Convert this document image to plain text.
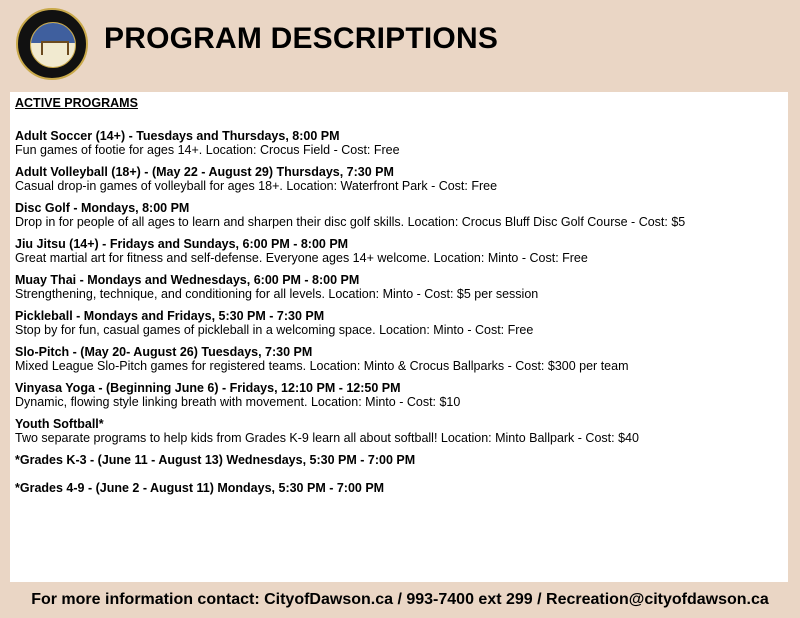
PROGRAM DESCRIPTIONS
ACTIVE PROGRAMS
Adult Soccer (14+) - Tuesdays and Thursdays, 8:00 PM
Fun games of footie for ages 14+. Location: Crocus Field - Cost: Free
Adult Volleyball (18+) - (May 22 - August 29) Thursdays, 7:30 PM
Casual drop-in games of volleyball for ages 18+. Location: Waterfront Park - Cost: Free
Disc Golf - Mondays, 8:00 PM
Drop in for people of all ages to learn and sharpen their disc golf skills. Location: Crocus Bluff Disc Golf Course - Cost: $5
Jiu Jitsu (14+) - Fridays and Sundays, 6:00 PM - 8:00 PM
Great martial art for fitness and self-defense. Everyone ages 14+ welcome. Location: Minto - Cost: Free
Muay Thai - Mondays and Wednesdays, 6:00 PM - 8:00 PM
Strengthening, technique, and conditioning for all levels. Location: Minto - Cost: $5 per session
Pickleball - Mondays and Fridays, 5:30 PM - 7:30 PM
Stop by for fun, casual games of pickleball in a welcoming space. Location: Minto - Cost: Free
Slo-Pitch - (May 20- August 26) Tuesdays, 7:30 PM
Mixed League Slo-Pitch games for registered teams. Location: Minto & Crocus Ballparks - Cost: $300 per team
Vinyasa Yoga - (Beginning June 6) - Fridays, 12:10 PM - 12:50 PM
Dynamic, flowing style linking breath with movement. Location: Minto - Cost: $10
Youth Softball*
Two separate programs to help kids from Grades K-9 learn all about softball! Location: Minto Ballpark - Cost: $40
*Grades K-3 - (June 11 - August 13) Wednesdays, 5:30 PM - 7:00 PM
*Grades 4-9 - (June 2 - August 11) Mondays, 5:30 PM - 7:00 PM
For more information contact: CityofDawson.ca / 993-7400 ext 299 / Recreation@cityofdawson.ca
